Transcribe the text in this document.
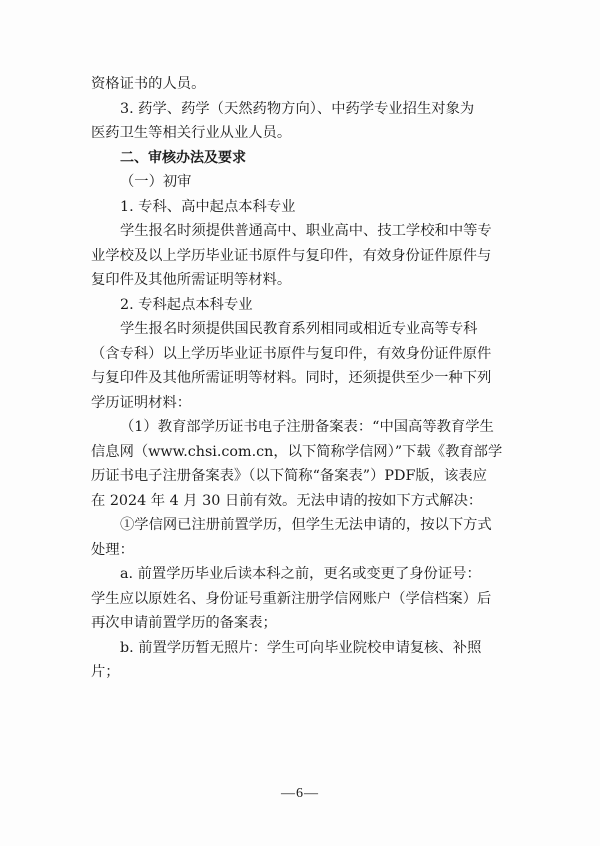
资格证书的人员。
3. 药学、药学（天然药物方向）、中药学专业招生对象为
医药卫生等相关行业从业人员。
二、审核办法及要求
（一）初审
1. 专科、高中起点本科专业
学生报名时须提供普通高中、职业高中、技工学校和中等专
业学校及以上学历毕业证书原件与复印件，有效身份证件原件与
复印件及其他所需证明等材料。
2. 专科起点本科专业
学生报名时须提供国民教育系列相同或相近专业高等专科
（含专科）以上学历毕业证书原件与复印件，有效身份证件原件
与复印件及其他所需证明等材料。同时，还须提供至少一种下列
学历证明材料：
（1）教育部学历证书电子注册备案表：“中国高等教育学生
信息网（www.chsi.com.cn，以下简称学信网）”下载《教育部学
历证书电子注册备案表》（以下简称“备案表”）PDF版，该表应
在 2024 年 4 月 30 日前有效。无法申请的按如下方式解决：
①学信网已注册前置学历，但学生无法申请的，按以下方式
处理：
a. 前置学历毕业后读本科之前，更名或变更了身份证号：
学生应以原姓名、身份证号重新注册学信网账户（学信档案）后
再次申请前置学历的备案表；
b. 前置学历暂无照片：学生可向毕业院校申请复核、补照
片；
—6—
